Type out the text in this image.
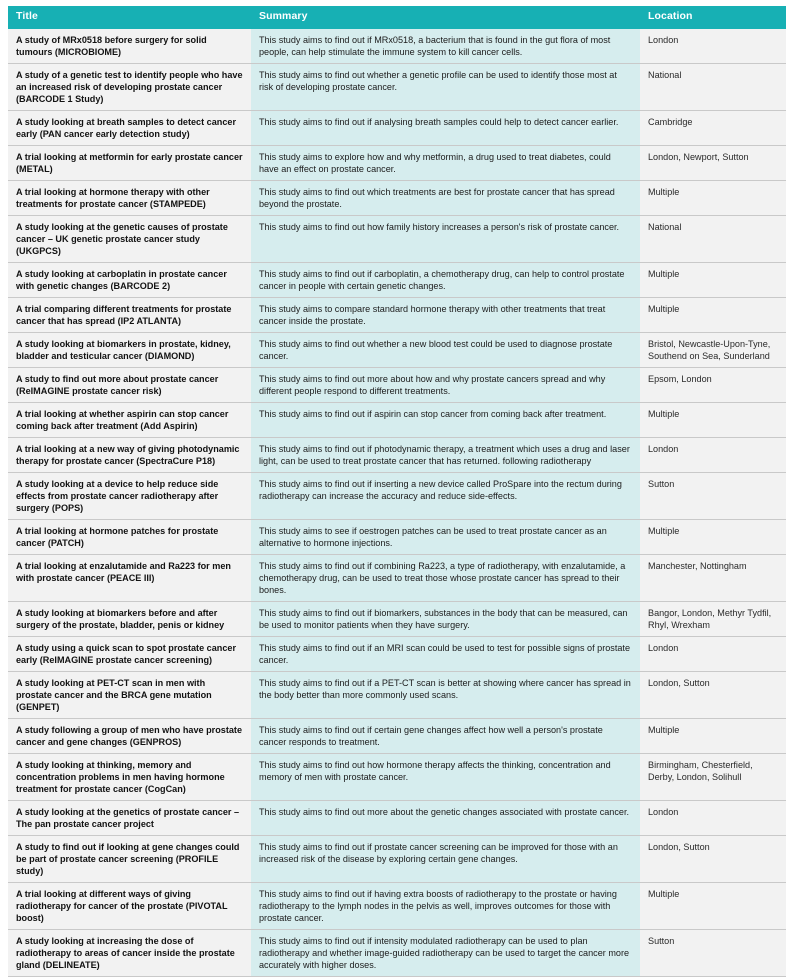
Title	Summary	Location
A study of MRx0518 before surgery for solid tumours (MICROBIOME)	This study aims to find out if MRx0518, a bacterium that is found in the gut flora of most people, can help stimulate the immune system to kill cancer cells.	London
A study of a genetic test to identify people who have an increased risk of developing prostate cancer (BARCODE 1 Study)	This study aims to find out whether a genetic profile can be used to identify those most at risk of developing prostate cancer.	National
A study looking at breath samples to detect cancer early (PAN cancer early detection study)	This study aims to find out if analysing breath samples could help to detect cancer earlier.	Cambridge
A trial looking at metformin for early prostate cancer (METAL)	This study aims to explore how and why metformin, a drug used to treat diabetes, could have an effect on prostate cancer.	London, Newport, Sutton
A trial looking at hormone therapy with other treatments for prostate cancer (STAMPEDE)	This study aims to find out which treatments are best for prostate cancer that has spread beyond the prostate.	Multiple
A study looking at the genetic causes of prostate cancer – UK genetic prostate cancer study (UKGPCS)	This study aims to find out how family history increases a person's risk of prostate cancer.	National
A study looking at carboplatin in prostate cancer with genetic changes (BARCODE 2)	This study aims to find out if carboplatin, a chemotherapy drug, can help to control prostate cancer in people with certain genetic changes.	Multiple
A trial comparing different treatments for prostate cancer that has spread (IP2 ATLANTA)	This study aims to compare standard hormone therapy with other treatments that treat cancer inside the prostate.	Multiple
A study looking at biomarkers in prostate, kidney, bladder and testicular cancer (DIAMOND)	This study aims to find out whether a new blood test could be used to diagnose prostate cancer.	Bristol, Newcastle-Upon-Tyne, Southend on Sea, Sunderland
A study to find out more about prostate cancer (ReIMAGINE prostate cancer risk)	This study aims to find out more about how and why prostate cancers spread and why different people respond to different treatments.	Epsom, London
A trial looking at whether aspirin can stop cancer coming back after treatment (Add Aspirin)	This study aims to find out if aspirin can stop cancer from coming back after treatment.	Multiple
A trial looking at a new way of giving photodynamic therapy for prostate cancer (SpectraCure P18)	This study aims to find out if photodynamic therapy, a treatment which uses a drug and laser light, can be used to treat prostate cancer that has returned. following radiotherapy	London
A study looking at a device to help reduce side effects from prostate cancer radiotherapy after surgery (POPS)	This study aims to find out if inserting a new device called ProSpare into the rectum during radiotherapy can increase the accuracy and reduce side-effects.	Sutton
A trial looking at hormone patches for prostate cancer (PATCH)	This study aims to see if oestrogen patches can be used to treat prostate cancer as an alternative to hormone injections.	Multiple
A trial looking at enzalutamide and Ra223 for men with prostate cancer (PEACE III)	This study aims to find out if combining Ra223, a type of radiotherapy, with enzalutamide, a chemotherapy drug, can be used to treat those whose prostate cancer has spread to their bones.	Manchester, Nottingham
A study looking at biomarkers before and after surgery of the prostate, bladder, penis or kidney	This study aims to find out if biomarkers, substances in the body that can be measured, can be used to monitor patients when they have surgery.	Bangor, London, Methyr Tydfil, Rhyl, Wrexham
A study using a quick scan to spot prostate cancer early (ReIMAGINE prostate cancer screening)	This study aims to find out if an MRI scan could be used to test for possible signs of prostate cancer.	London
A study looking at PET-CT scan in men with prostate cancer and the BRCA gene mutation (GENPET)	This study aims to find out if a PET-CT scan is better at showing where cancer has spread in the body better than more commonly used scans.	London, Sutton
A study following a group of men who have prostate cancer and gene changes (GENPROS)	This study aims to find out if certain gene changes affect how well a person's prostate cancer responds to treatment.	Multiple
A study looking at thinking, memory and concentration problems in men having hormone treatment for prostate cancer (CogCan)	This study aims to find out how hormone therapy affects the thinking, concentration and memory of men with prostate cancer.	Birmingham, Chesterfield, Derby, London, Solihull
A study looking at the genetics of prostate cancer – The pan prostate cancer project	This study aims to find out more about the genetic changes associated with prostate cancer.	London
A study to find out if looking at gene changes could be part of prostate cancer screening (PROFILE study)	This study aims to find out if prostate cancer screening can be improved for those with an increased risk of the disease by exploring certain gene changes.	London, Sutton
A trial looking at different ways of giving radiotherapy for cancer of the prostate (PIVOTAL boost)	This study aims to find out if having extra boosts of radiotherapy to the prostate or having radiotherapy to the lymph nodes in the pelvis as well, improves outcomes for those with prostate cancer.	Multiple
A study looking at increasing the dose of radiotherapy to areas of cancer inside the prostate gland (DELINEATE)	This study aims to find out if intensity modulated radiotherapy can be used to plan radiotherapy and whether image-guided radiotherapy can be used to target the cancer more accurately with higher doses.	Sutton
